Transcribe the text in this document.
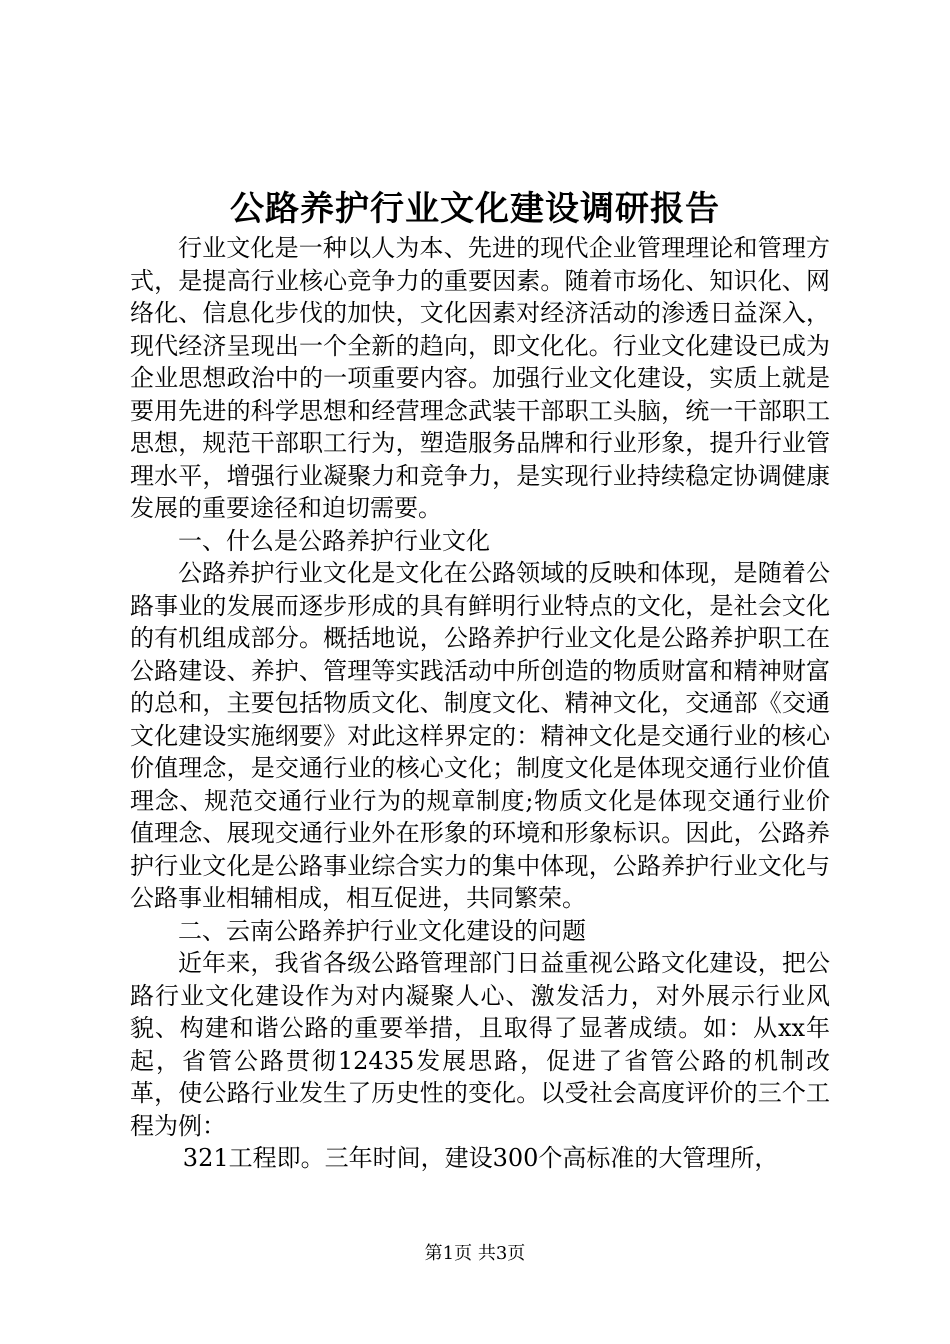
公路养护行业文化建设调研报告

行业文化是一种以人为本、先进的现代企业管理理论和管理方式，是提高行业核心竞争力的重要因素。随着市场化、知识化、网络化、信息化步伐的加快，文化因素对经济活动的渗透日益深入，现代经济呈现出一个全新的趋向，即文化化。行业文化建设已成为企业思想政治中的一项重要内容。加强行业文化建设，实质上就是要用先进的科学思想和经营理念武装干部职工头脑，统一干部职工思想，规范干部职工行为，塑造服务品牌和行业形象，提升行业管理水平，增强行业凝聚力和竞争力，是实现行业持续稳定协调健康发展的重要途径和迫切需要。

一、什么是公路养护行业文化

公路养护行业文化是文化在公路领域的反映和体现，是随着公路事业的发展而逐步形成的具有鲜明行业特点的文化，是社会文化的有机组成部分。概括地说，公路养护行业文化是公路养护职工在公路建设、养护、管理等实践活动中所创造的物质财富和精神财富的总和，主要包括物质文化、制度文化、精神文化，交通部《交通文化建设实施纲要》对此这样界定的：精神文化是交通行业的核心价值理念，是交通行业的核心文化；制度文化是体现交通行业价值理念、规范交通行业行为的规章制度;物质文化是体现交通行业价值理念、展现交通行业外在形象的环境和形象标识。因此，公路养护行业文化是公路事业综合实力的集中体现，公路养护行业文化与公路事业相辅相成，相互促进，共同繁荣。

二、云南公路养护行业文化建设的问题

近年来，我省各级公路管理部门日益重视公路文化建设，把公路行业文化建设作为对内凝聚人心、激发活力，对外展示行业风貌、构建和谐公路的重要举措，且取得了显著成绩。如：从xx年起，省管公路贯彻12435发展思路，促进了省管公路的机制改革，使公路行业发生了历史性的变化。以受社会高度评价的三个工程为例：

321工程即。三年时间，建设300个高标准的大管理所，

第1页 共3页
